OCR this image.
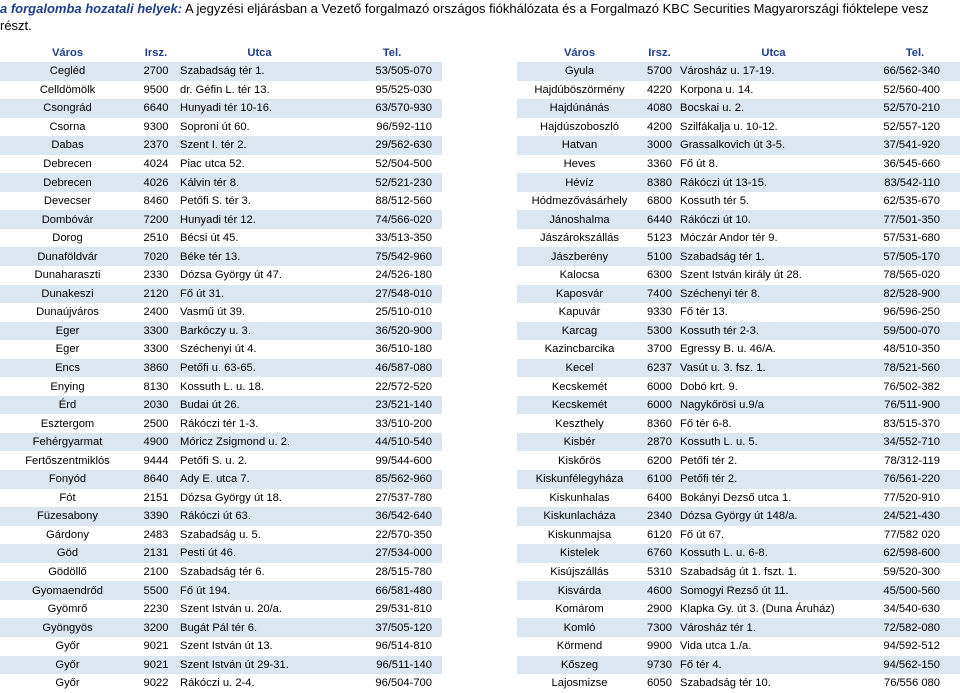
a forgalomba hozatali helyek: A jegyzési eljárásban a Vezető forgalmazó országos fiókhálózata és a Forgalmazó KBC Securities Magyarországi fióktelepe vesz részt.
Város	Irsz.	Utca	Tel.
Cegléd	2700	Szabadság tér 1.	53/505-070
Celldömölk	9500	dr. Géfin L. tér 13.	95/525-030
Csongrád	6640	Hunyadi tér 10-16.	63/570-930
Csorna	9300	Soproni út 60.	96/592-110
Dabas	2370	Szent I. tér 2.	29/562-630
Debrecen	4024	Piac utca 52.	52/504-500
Debrecen	4026	Kálvin tér 8.	52/521-230
Devecser	8460	Petőfi S. tér 3.	88/512-560
Dombóvár	7200	Hunyadi tér 12.	74/566-020
Dorog	2510	Bécsi út 45.	33/513-350
Dunaföldvár	7020	Béke tér 13.	75/542-960
Dunaharaszti	2330	Dózsa György út 47.	24/526-180
Dunakeszi	2120	Fő út 31.	27/548-010
Dunaújváros	2400	Vasmű út 39.	25/510-010
Eger	3300	Barkóczy u. 3.	36/520-900
Eger	3300	Széchenyi út 4.	36/510-180
Encs	3860	Petőfi u. 63-65.	46/587-080
Enying	8130	Kossuth L. u. 18.	22/572-520
Érd	2030	Budai út 26.	23/521-140
Esztergom	2500	Rákóczi tér 1-3.	33/510-200
Fehérgyarmat	4900	Móricz Zsigmond u. 2.	44/510-540
Fertőszentmiklós	9444	Petőfi S. u. 2.	99/544-600
Fonyód	8640	Ady E. utca 7.	85/562-960
Fót	2151	Dózsa György út 18.	27/537-780
Füzesabony	3390	Rákóczi út 63.	36/542-640
Gárdony	2483	Szabadság u. 5.	22/570-350
Göd	2131	Pesti út 46.	27/534-000
Gödöllő	2100	Szabadság tér 6.	28/515-780
Gyomaendrőd	5500	Fő út 194.	66/581-480
Gyömrő	2230	Szent István u. 20/a.	29/531-810
Gyöngyös	3200	Bugát Pál tér 6.	37/505-120
Győr	9021	Szent István út 13.	96/514-810
Győr	9021	Szent István út 29-31.	96/511-140
Győr	9022	Rákóczi u. 2-4.	96/504-700
Város	Irsz.	Utca	Tel.
Gyula	5700	Városház u. 17-19.	66/562-340
Hajdúböszörmény	4220	Korpona u. 14.	52/560-400
Hajdúnánás	4080	Bocskai u. 2.	52/570-210
Hajdúszoboszló	4200	Szilfákalja u. 10-12.	52/557-120
Hatvan	3000	Grassalkovich út 3-5.	37/541-920
Heves	3360	Fő út 8.	36/545-660
Hévíz	8380	Rákóczi út 13-15.	83/542-110
Hódmezővásárhely	6800	Kossuth tér 5.	62/535-670
Jánoshalma	6440	Rákóczi út 10.	77/501-350
Jászárokszállás	5123	Móczár Andor tér 9.	57/531-680
Jászberény	5100	Szabadság tér 1.	57/505-170
Kalocsa	6300	Szent István király út 28.	78/565-020
Kaposvár	7400	Széchenyi tér 8.	82/528-900
Kapuvár	9330	Fő tér 13.	96/596-250
Karcag	5300	Kossuth tér 2-3.	59/500-070
Kazincbarcika	3700	Egressy B. u. 46/A.	48/510-350
Kecel	6237	Vasút u. 3. fsz. 1.	78/521-560
Kecskemét	6000	Dobó krt. 9.	76/502-382
Kecskemét	6000	Nagykőrösi u.9/a	76/511-900
Keszthely	8360	Fő tér 6-8.	83/515-370
Kisbér	2870	Kossuth L. u. 5.	34/552-710
Kiskőrös	6200	Petőfi tér 2.	78/312-119
Kiskunfélegyháza	6100	Petőfi tér 2.	76/561-220
Kiskunhalas	6400	Bokányi Dezső utca 1.	77/520-910
Kiskunlacháza	2340	Dózsa György út 148/a.	24/521-430
Kiskunmajsa	6120	Fő út 67.	77/582 020
Kistelek	6760	Kossuth L. u. 6-8.	62/598-600
Kisújszállás	5310	Szabadság út 1. fszt. 1.	59/520-300
Kisvárda	4600	Somogyi Rezső út 11.	45/500-560
Komárom	2900	Klapka Gy. út 3. (Duna Áruház)	34/540-630
Komló	7300	Városház tér 1.	72/582-080
Körmend	9900	Vida utca 1./a.	94/592-512
Kőszeg	9730	Fő tér 4.	94/562-150
Lajosmizse	6050	Szabadság tér 10.	76/556 080
